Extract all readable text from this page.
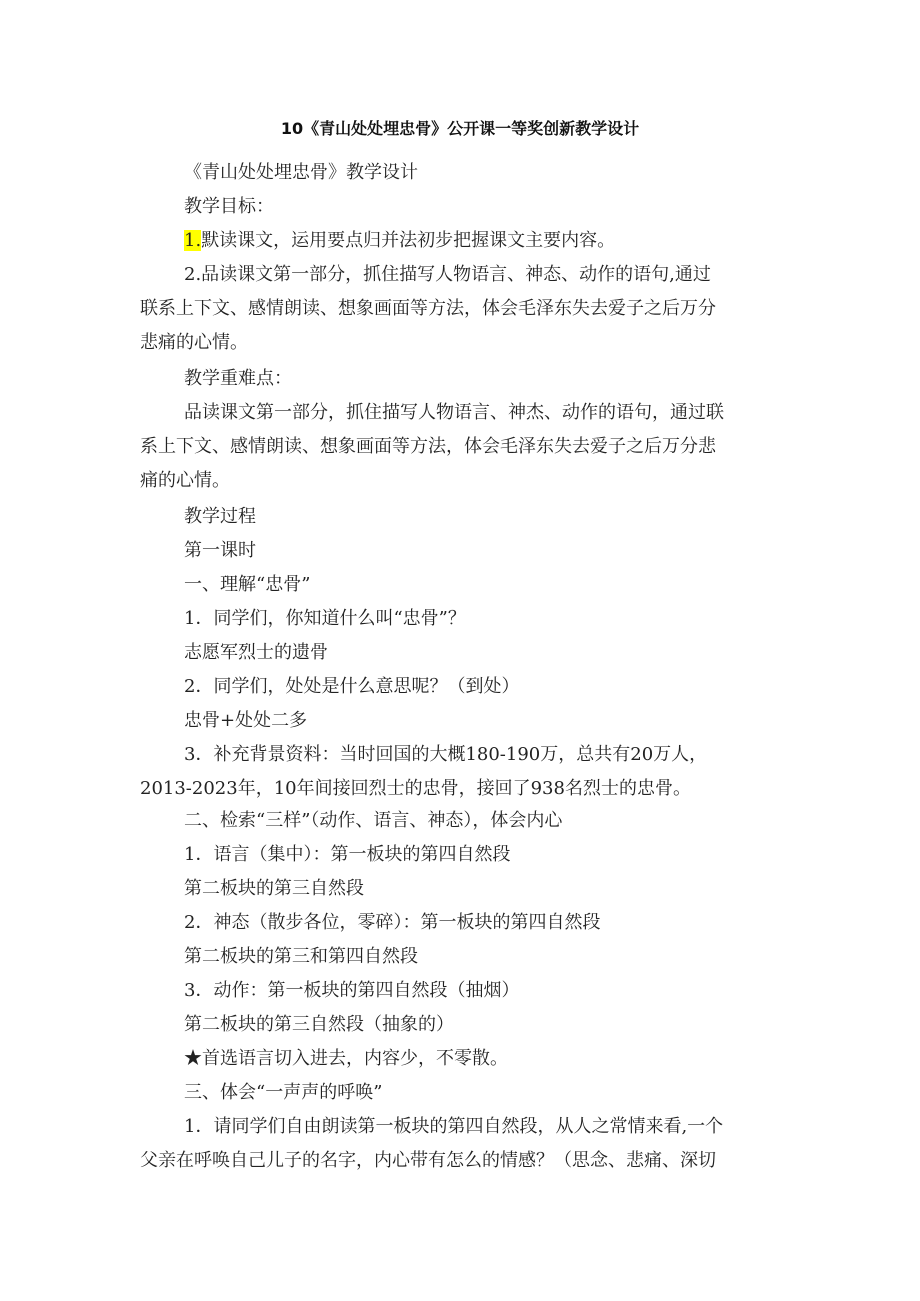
10《青山处处埋忠骨》公开课一等奖创新教学设计
《青山处处埋忠骨》教学设计
教学目标：
1.默读课文，运用要点归并法初步把握课文主要内容。
2.品读课文第一部分，抓住描写人物语言、神态、动作的语句,通过
联系上下文、感情朗读、想象画面等方法，体会毛泽东失去爱子之后万分
悲痛的心情。
教学重难点：
品读课文第一部分，抓住描写人物语言、神杰、动作的语句，通过联
系上下文、感情朗读、想象画面等方法，体会毛泽东失去爱子之后万分悲
痛的心情。
教学过程
第一课时
一、理解“忠骨”
1．同学们，你知道什么叫“忠骨”？
志愿军烈士的遗骨
2．同学们，处处是什么意思呢？（到处）
忠骨+处处二多
3．补充背景资料：当时回国的大概180-190万，总共有20万人，
2013-2023年，10年间接回烈士的忠骨，接回了938名烈士的忠骨。
二、检索“三样”（动作、语言、神态），体会内心
1．语言（集中）：第一板块的第四自然段
第二板块的第三自然段
2．神态（散步各位，零碎）：第一板块的第四自然段
第二板块的第三和第四自然段
3．动作：第一板块的第四自然段（抽烟）
第二板块的第三自然段（抽象的）
★首选语言切入进去，内容少，不零散。
三、体会“一声声的呼唤”
1．请同学们自由朗读第一板块的第四自然段，从人之常情来看,一个
父亲在呼唤自己儿子的名字，内心带有怎么的情感？（思念、悲痛、深切
